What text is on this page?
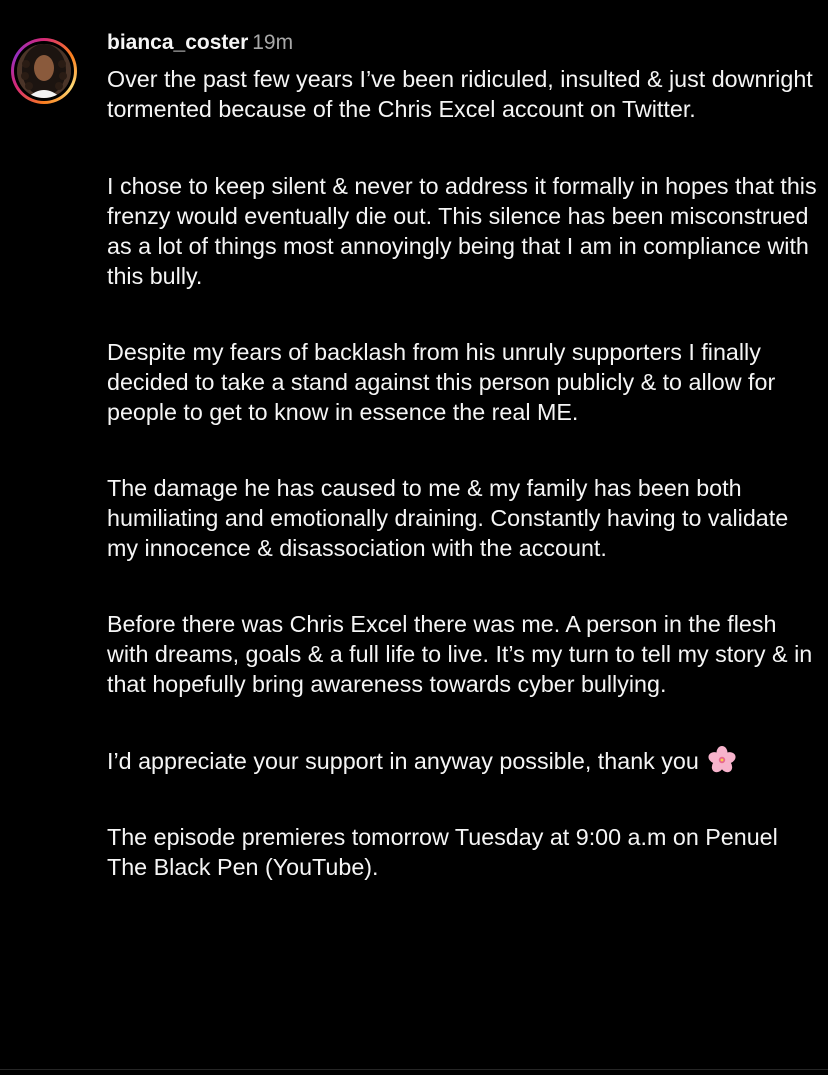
bianca_coster 19m

Over the past few years I’ve been ridiculed, insulted & just downright tormented because of the Chris Excel account on Twitter.

I chose to keep silent & never to address it formally in hopes that this frenzy would eventually die out. This silence has been misconstrued as a lot of things most annoyingly being that I am in compliance with this bully.

Despite my fears of backlash from his unruly supporters I finally decided to take a stand against this person publicly & to allow for people to get to know in essence the real ME.

The damage he has caused to me & my family has been both humiliating and emotionally draining. Constantly having to validate my innocence & disassociation with the account.

Before there was Chris Excel there was me. A person in the flesh with dreams, goals & a full life to live. It’s my turn to tell my story & in that hopefully bring awareness towards cyber bullying.

I’d appreciate your support in anyway possible, thank you

The episode premieres tomorrow Tuesday at 9:00 a.m on Penuel The Black Pen (YouTube).
